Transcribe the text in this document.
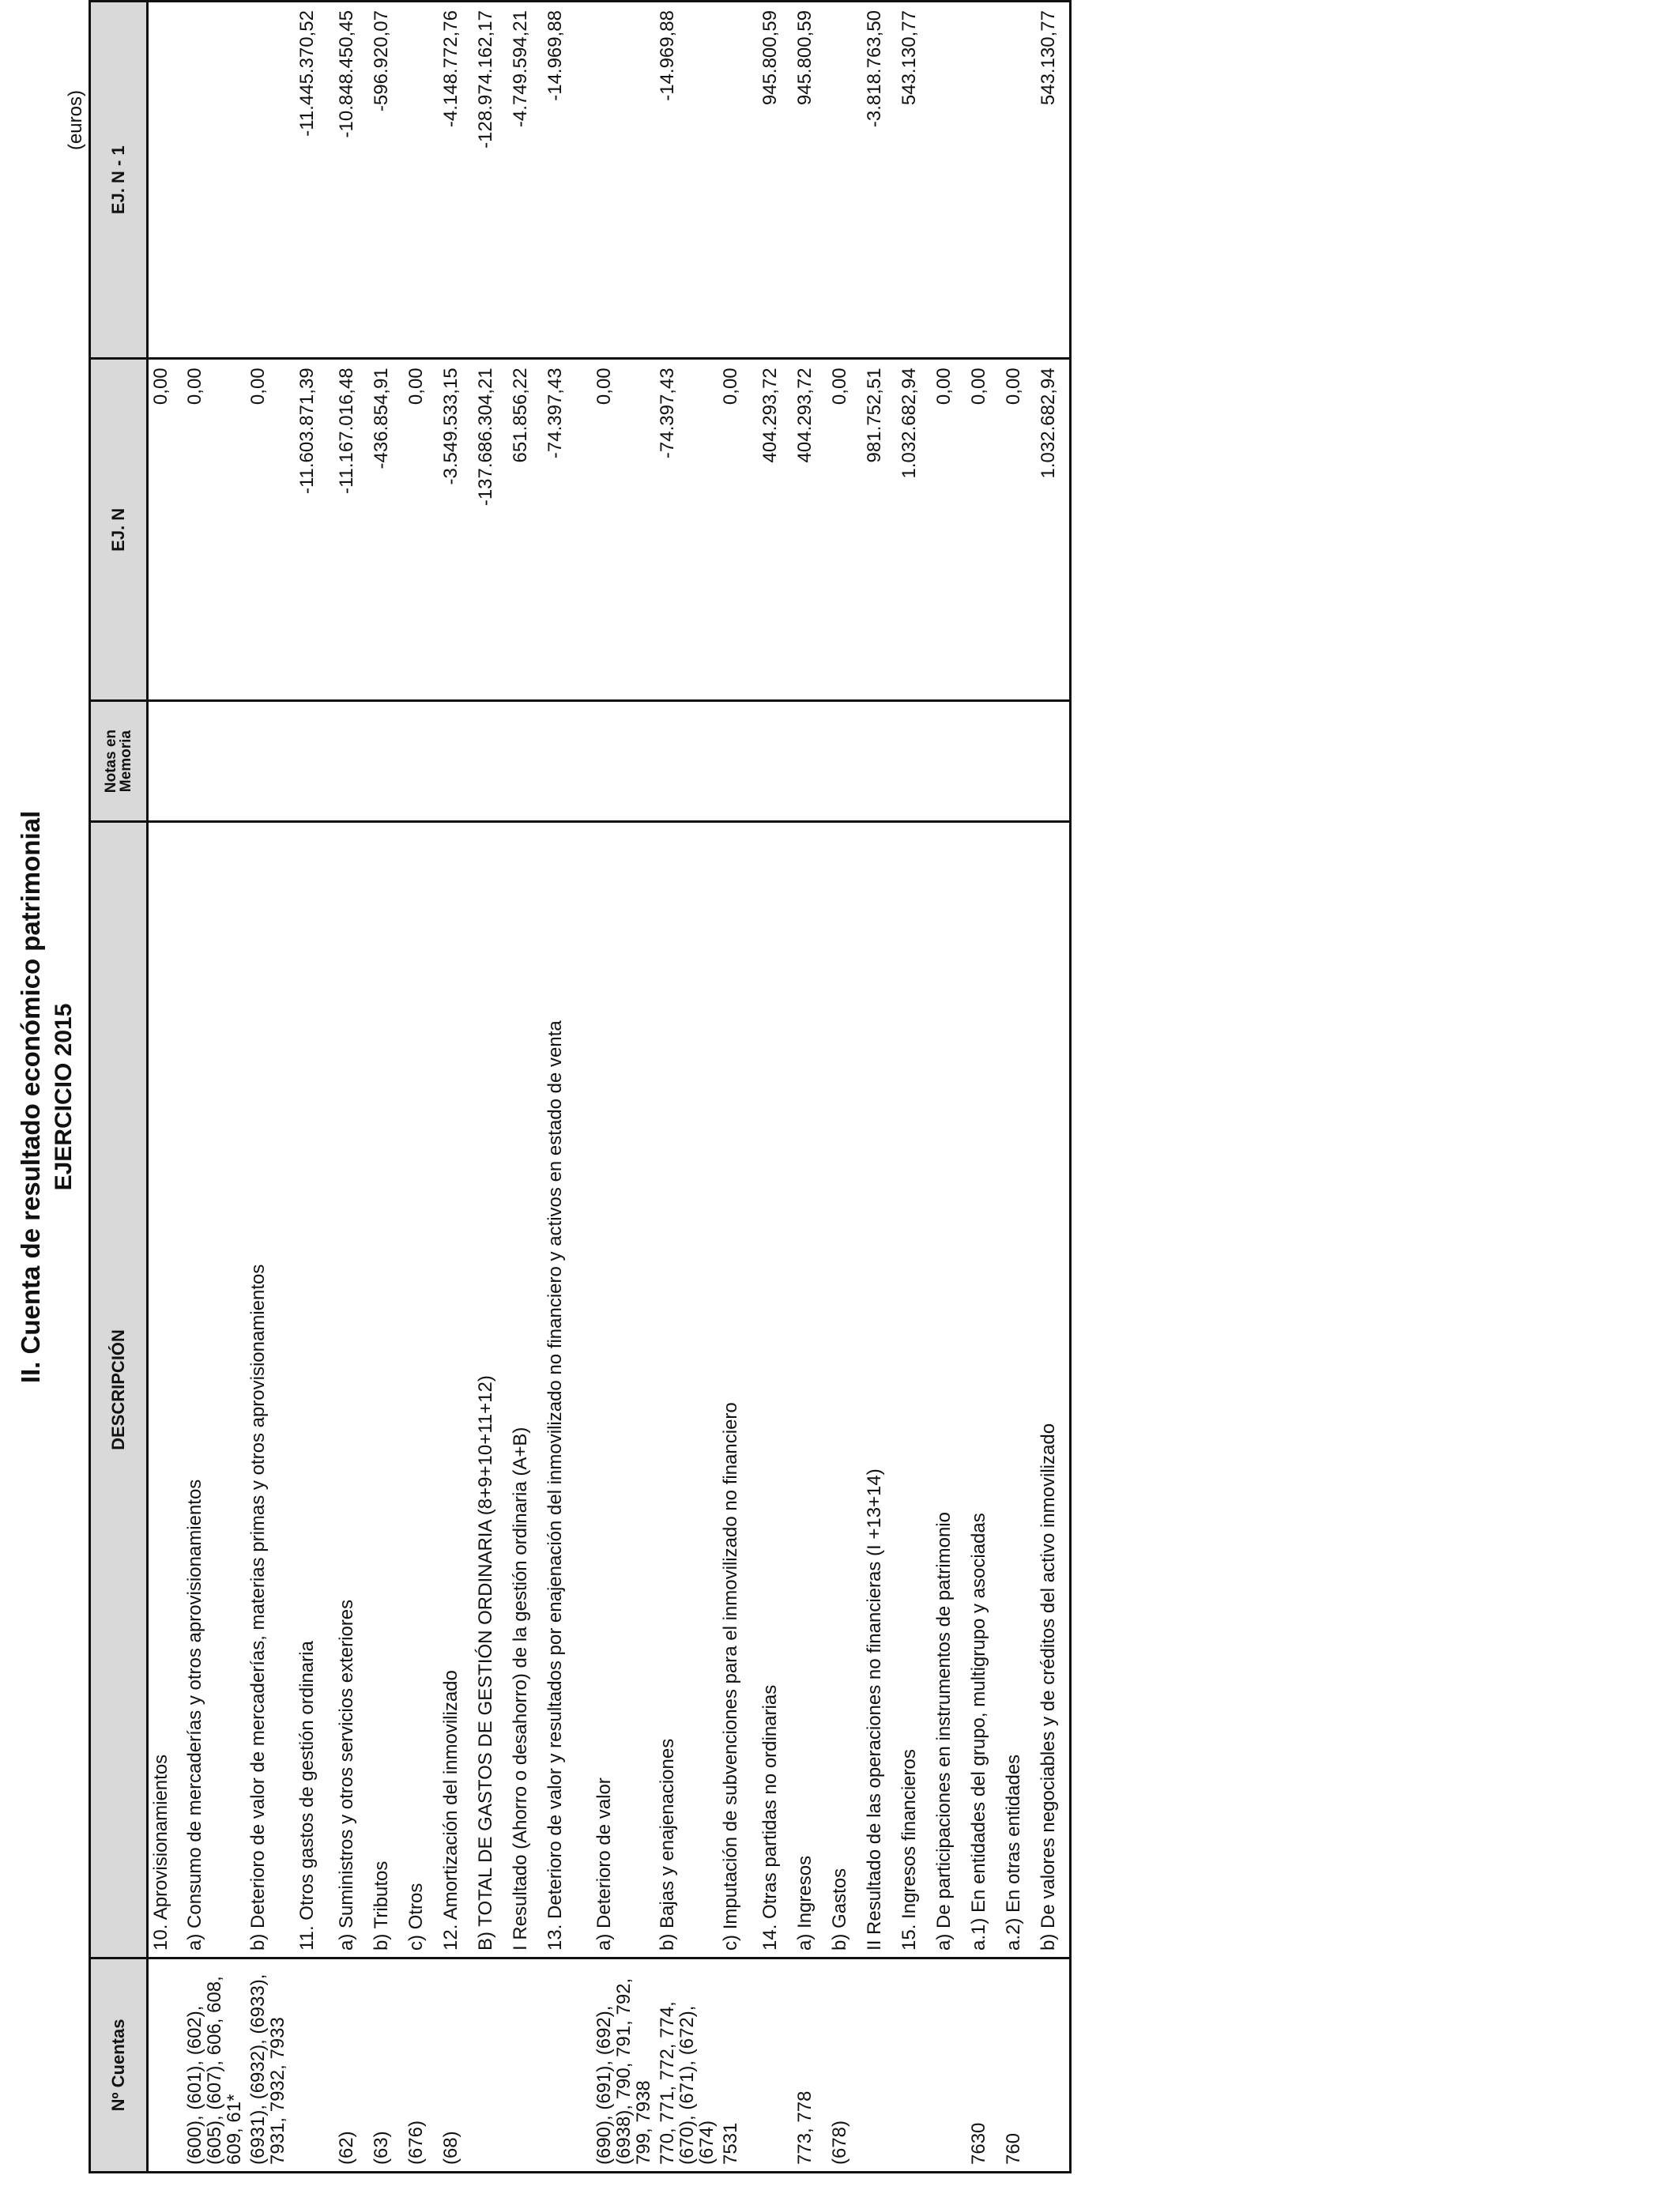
II. Cuenta de resultado económico patrimonial EJERCICIO 2015
(euros)
Nº Cuentas	DESCRIPCIÓN	Notas en Memoria	EJ. N	EJ. N - 1
	10. Aprovisionamientos		0,00	
(600), (601), (602), (605), (607), 606, 608, 609, 61*	a) Consumo de mercaderías y otros aprovisionamientos		0,00	
(6931), (6932), (6933), 7931, 7932, 7933	b) Deterioro de valor de mercaderías, materias primas y otros aprovisionamientos		0,00	
	11. Otros gastos de gestión ordinaria		-11.603.871,39	-11.445.370,52
(62)	a) Suministros y otros servicios exteriores		-11.167.016,48	-10.848.450,45
(63)	b) Tributos		-436.854,91	-596.920,07
(676)	c) Otros		0,00	
(68)	12. Amortización del inmovilizado		-3.549.533,15	-4.148.772,76
	B) TOTAL DE GASTOS DE GESTIÓN ORDINARIA (8+9+10+11+12)		-137.686.304,21	-128.974.162,17
	I Resultado (Ahorro o desahorro) de la gestión ordinaria (A+B)		651.856,22	-4.749.594,21
	13. Deterioro de valor y resultados por enajenación del inmovilizado no financiero y activos en estado de venta		-74.397,43	-14.969,88
(690), (691), (692), (6938), 790, 791, 792, 799, 7938	a) Deterioro de valor		0,00	
770, 771, 772, 774, (670), (671), (672), (674)	b) Bajas y enajenaciones		-74.397,43	-14.969,88
7531	c) Imputación de subvenciones para el inmovilizado no financiero		0,00	
	14. Otras partidas no ordinarias		404.293,72	945.800,59
773, 778	a) Ingresos		404.293,72	945.800,59
(678)	b) Gastos		0,00	
	II Resultado de las operaciones no financieras (I +13+14)		981.752,51	-3.818.763,50
	15. Ingresos financieros		1.032.682,94	543.130,77
	a) De participaciones en instrumentos de patrimonio		0,00	
7630	a.1) En entidades del grupo, multigrupo y asociadas		0,00	
760	a.2) En otras entidades		0,00	
	b) De valores negociables y de créditos del activo inmovilizado		1.032.682,94	543.130,77
